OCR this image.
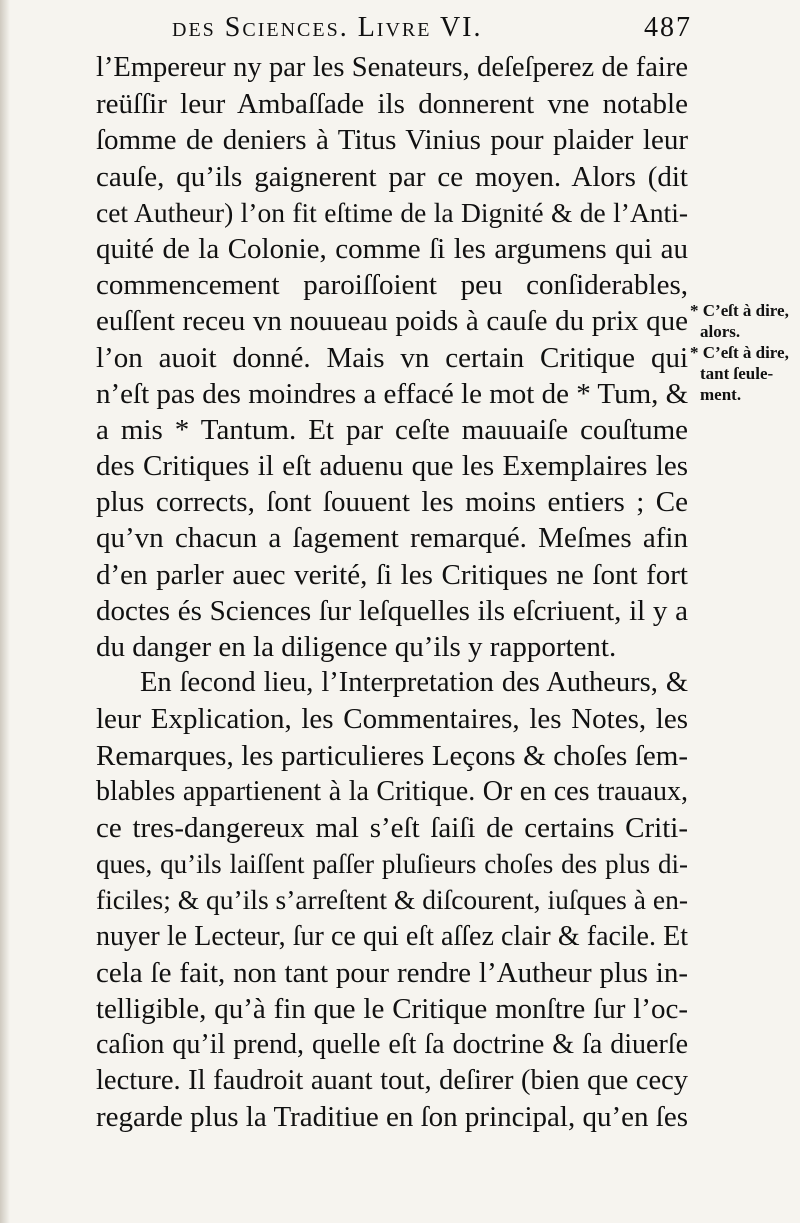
des Sciences. Livre VI.	487
l’Empereur ny par les Senateurs, deſeſperez de faire
reüſſir leur Ambaſſade ils donnerent vne notable
ſomme de deniers à Titus Vinius pour plaider leur
cauſe, qu’ils gaignerent par ce moyen. Alors (dit
cet Autheur) l’on fit eſtime de la Dignité & de l’Anti-
quité de la Colonie, comme ſi les argumens qui au
commencement paroiſſoient peu conſiderables,
euſſent receu vn nouueau poids à cauſe du prix que
l’on auoit donné. Mais vn certain Critique qui
n’eſt pas des moindres a effacé le mot de * Tum, &
a mis * Tantum. Et par ceſte mauuaiſe couſtume
des Critiques il eſt aduenu que les Exemplaires les
plus corrects, ſont ſouuent les moins entiers ; Ce
qu’vn chacun a ſagement remarqué. Meſmes afin
d’en parler auec verité, ſi les Critiques ne ſont fort
doctes és Sciences ſur leſquelles ils eſcriuent, il y a
du danger en la diligence qu’ils y rapportent.
En ſecond lieu, l’Interpretation des Autheurs, &
leur Explication, les Commentaires, les Notes, les
Remarques, les particulieres Leçons & choſes ſem-
blables appartienent à la Critique. Or en ces trauaux,
ce tres-dangereux mal s’eſt ſaiſi de certains Criti-
ques, qu’ils laiſſent paſſer pluſieurs choſes des plus di-
ficiles; & qu’ils s’arreſtent & diſcourent, iuſques à en-
nuyer le Lecteur, ſur ce qui eſt aſſez clair & facile. Et
cela ſe fait, non tant pour rendre l’Autheur plus in-
telligible, qu’à fin que le Critique monſtre ſur l’oc-
caſion qu’il prend, quelle eſt ſa doctrine & ſa diuerſe
lecture. Il faudroit auant tout, deſirer (bien que cecy
regarde plus la Traditiue en ſon principal, qu’en ſes
* C’eſt à dire,
alors.
* C’eſt à dire,
tant ſeule-
ment.
